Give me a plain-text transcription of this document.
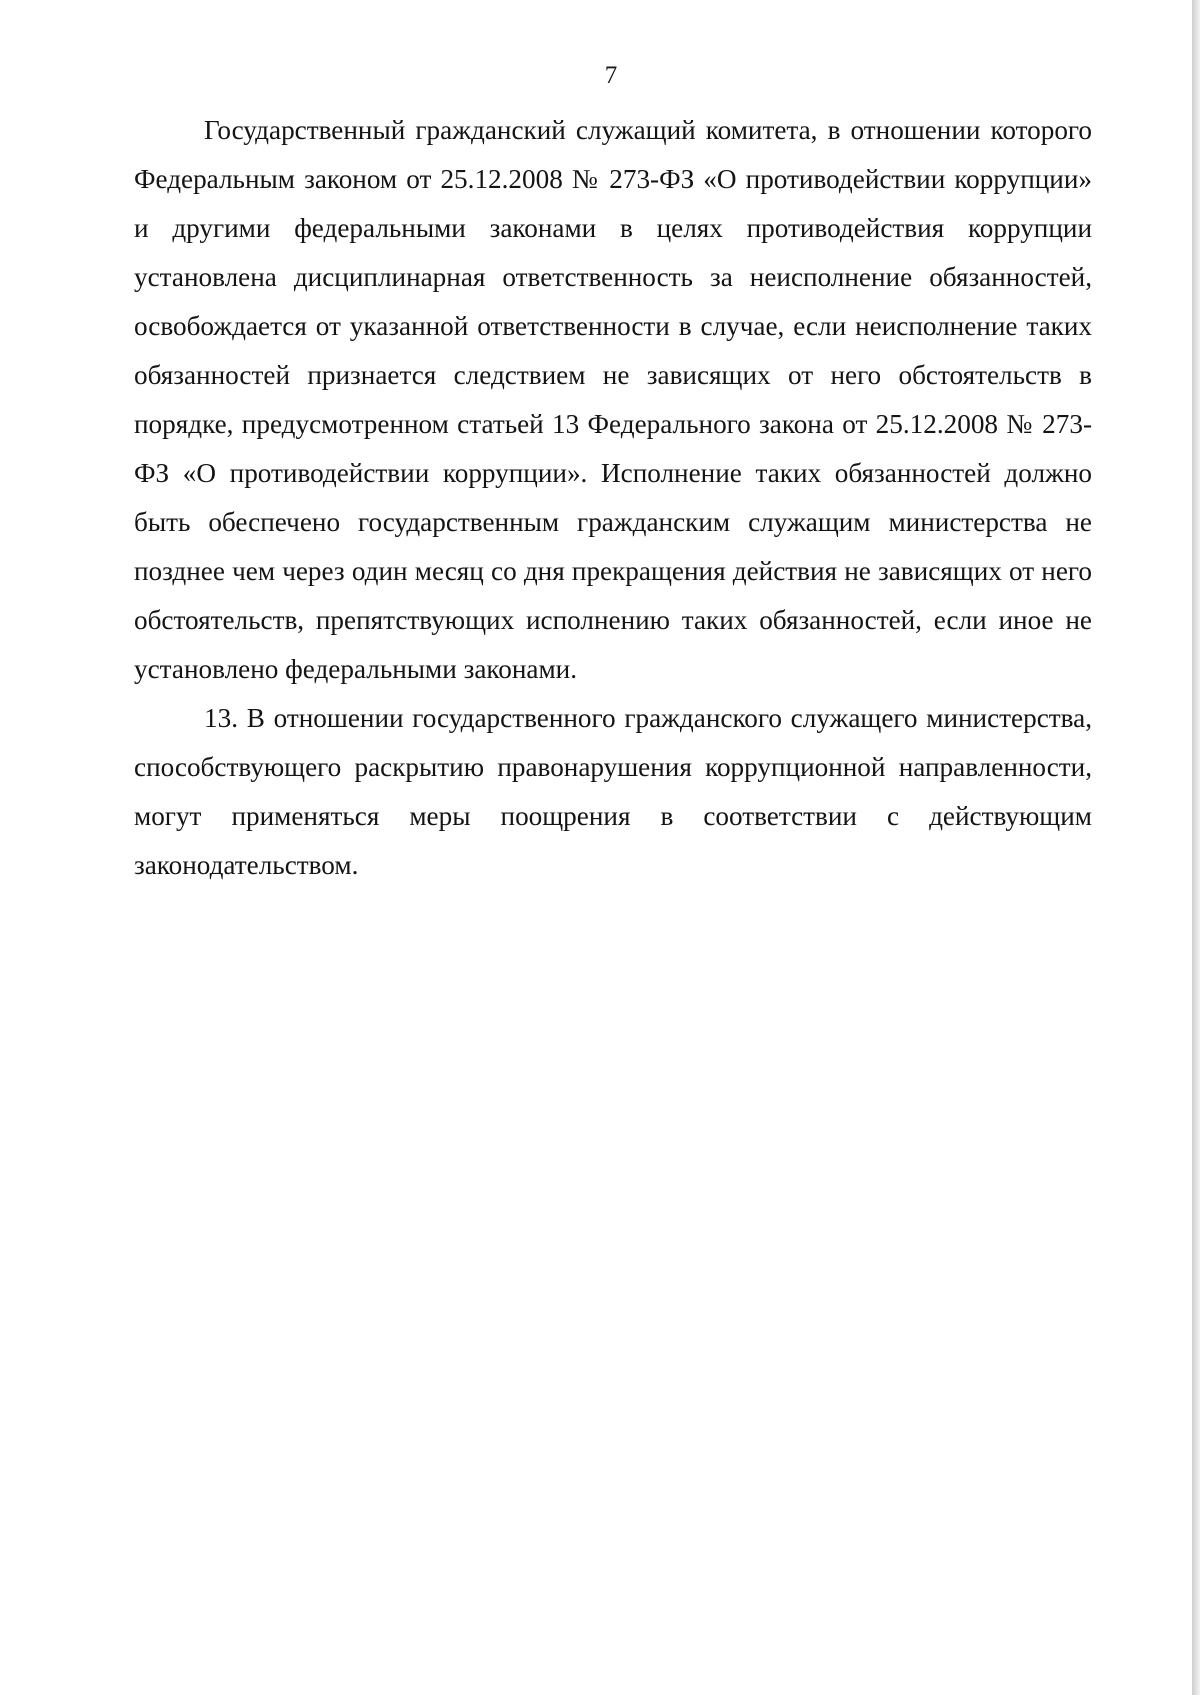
7

Государственный гражданский служащий комитета, в отношении которого Федеральным законом от 25.12.2008 № 273-ФЗ «О противодействии коррупции» и другими федеральными законами в целях противодействия коррупции установлена дисциплинарная ответственность за неисполнение обязанностей, освобождается от указанной ответственности в случае, если неисполнение таких обязанностей признается следствием не зависящих от него обстоятельств в порядке, предусмотренном статьей 13 Федерального закона от 25.12.2008 № 273-ФЗ «О противодействии коррупции». Исполнение таких обязанностей должно быть обеспечено государственным гражданским служащим министерства не позднее чем через один месяц со дня прекращения действия не зависящих от него обстоятельств, препятствующих исполнению таких обязанностей, если иное не установлено федеральными законами.

13. В отношении государственного гражданского служащего министерства, способствующего раскрытию правонарушения коррупционной направленности, могут применяться меры поощрения в соответствии с действующим законодательством.
